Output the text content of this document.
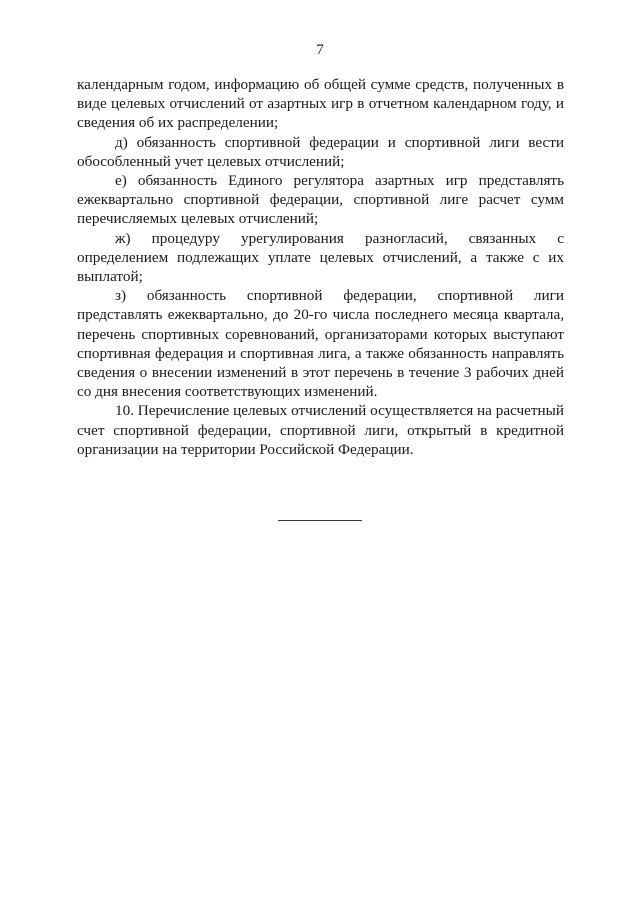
7

календарным годом, информацию об общей сумме средств, полученных в виде целевых отчислений от азартных игр в отчетном календарном году, и сведения об их распределении;

д) обязанность спортивной федерации и спортивной лиги вести обособленный учет целевых отчислений;

е) обязанность Единого регулятора азартных игр представлять ежеквартально спортивной федерации, спортивной лиге расчет сумм перечисляемых целевых отчислений;

ж) процедуру урегулирования разногласий, связанных с определением подлежащих уплате целевых отчислений, а также с их выплатой;

з) обязанность спортивной федерации, спортивной лиги представлять ежеквартально, до 20-го числа последнего месяца квартала, перечень спортивных соревнований, организаторами которых выступают спортивная федерация и спортивная лига, а также обязанность направлять сведения о внесении изменений в этот перечень в течение 3 рабочих дней со дня внесения соответствующих изменений.

10. Перечисление целевых отчислений осуществляется на расчетный счет спортивной федерации, спортивной лиги, открытый в кредитной организации на территории Российской Федерации.
